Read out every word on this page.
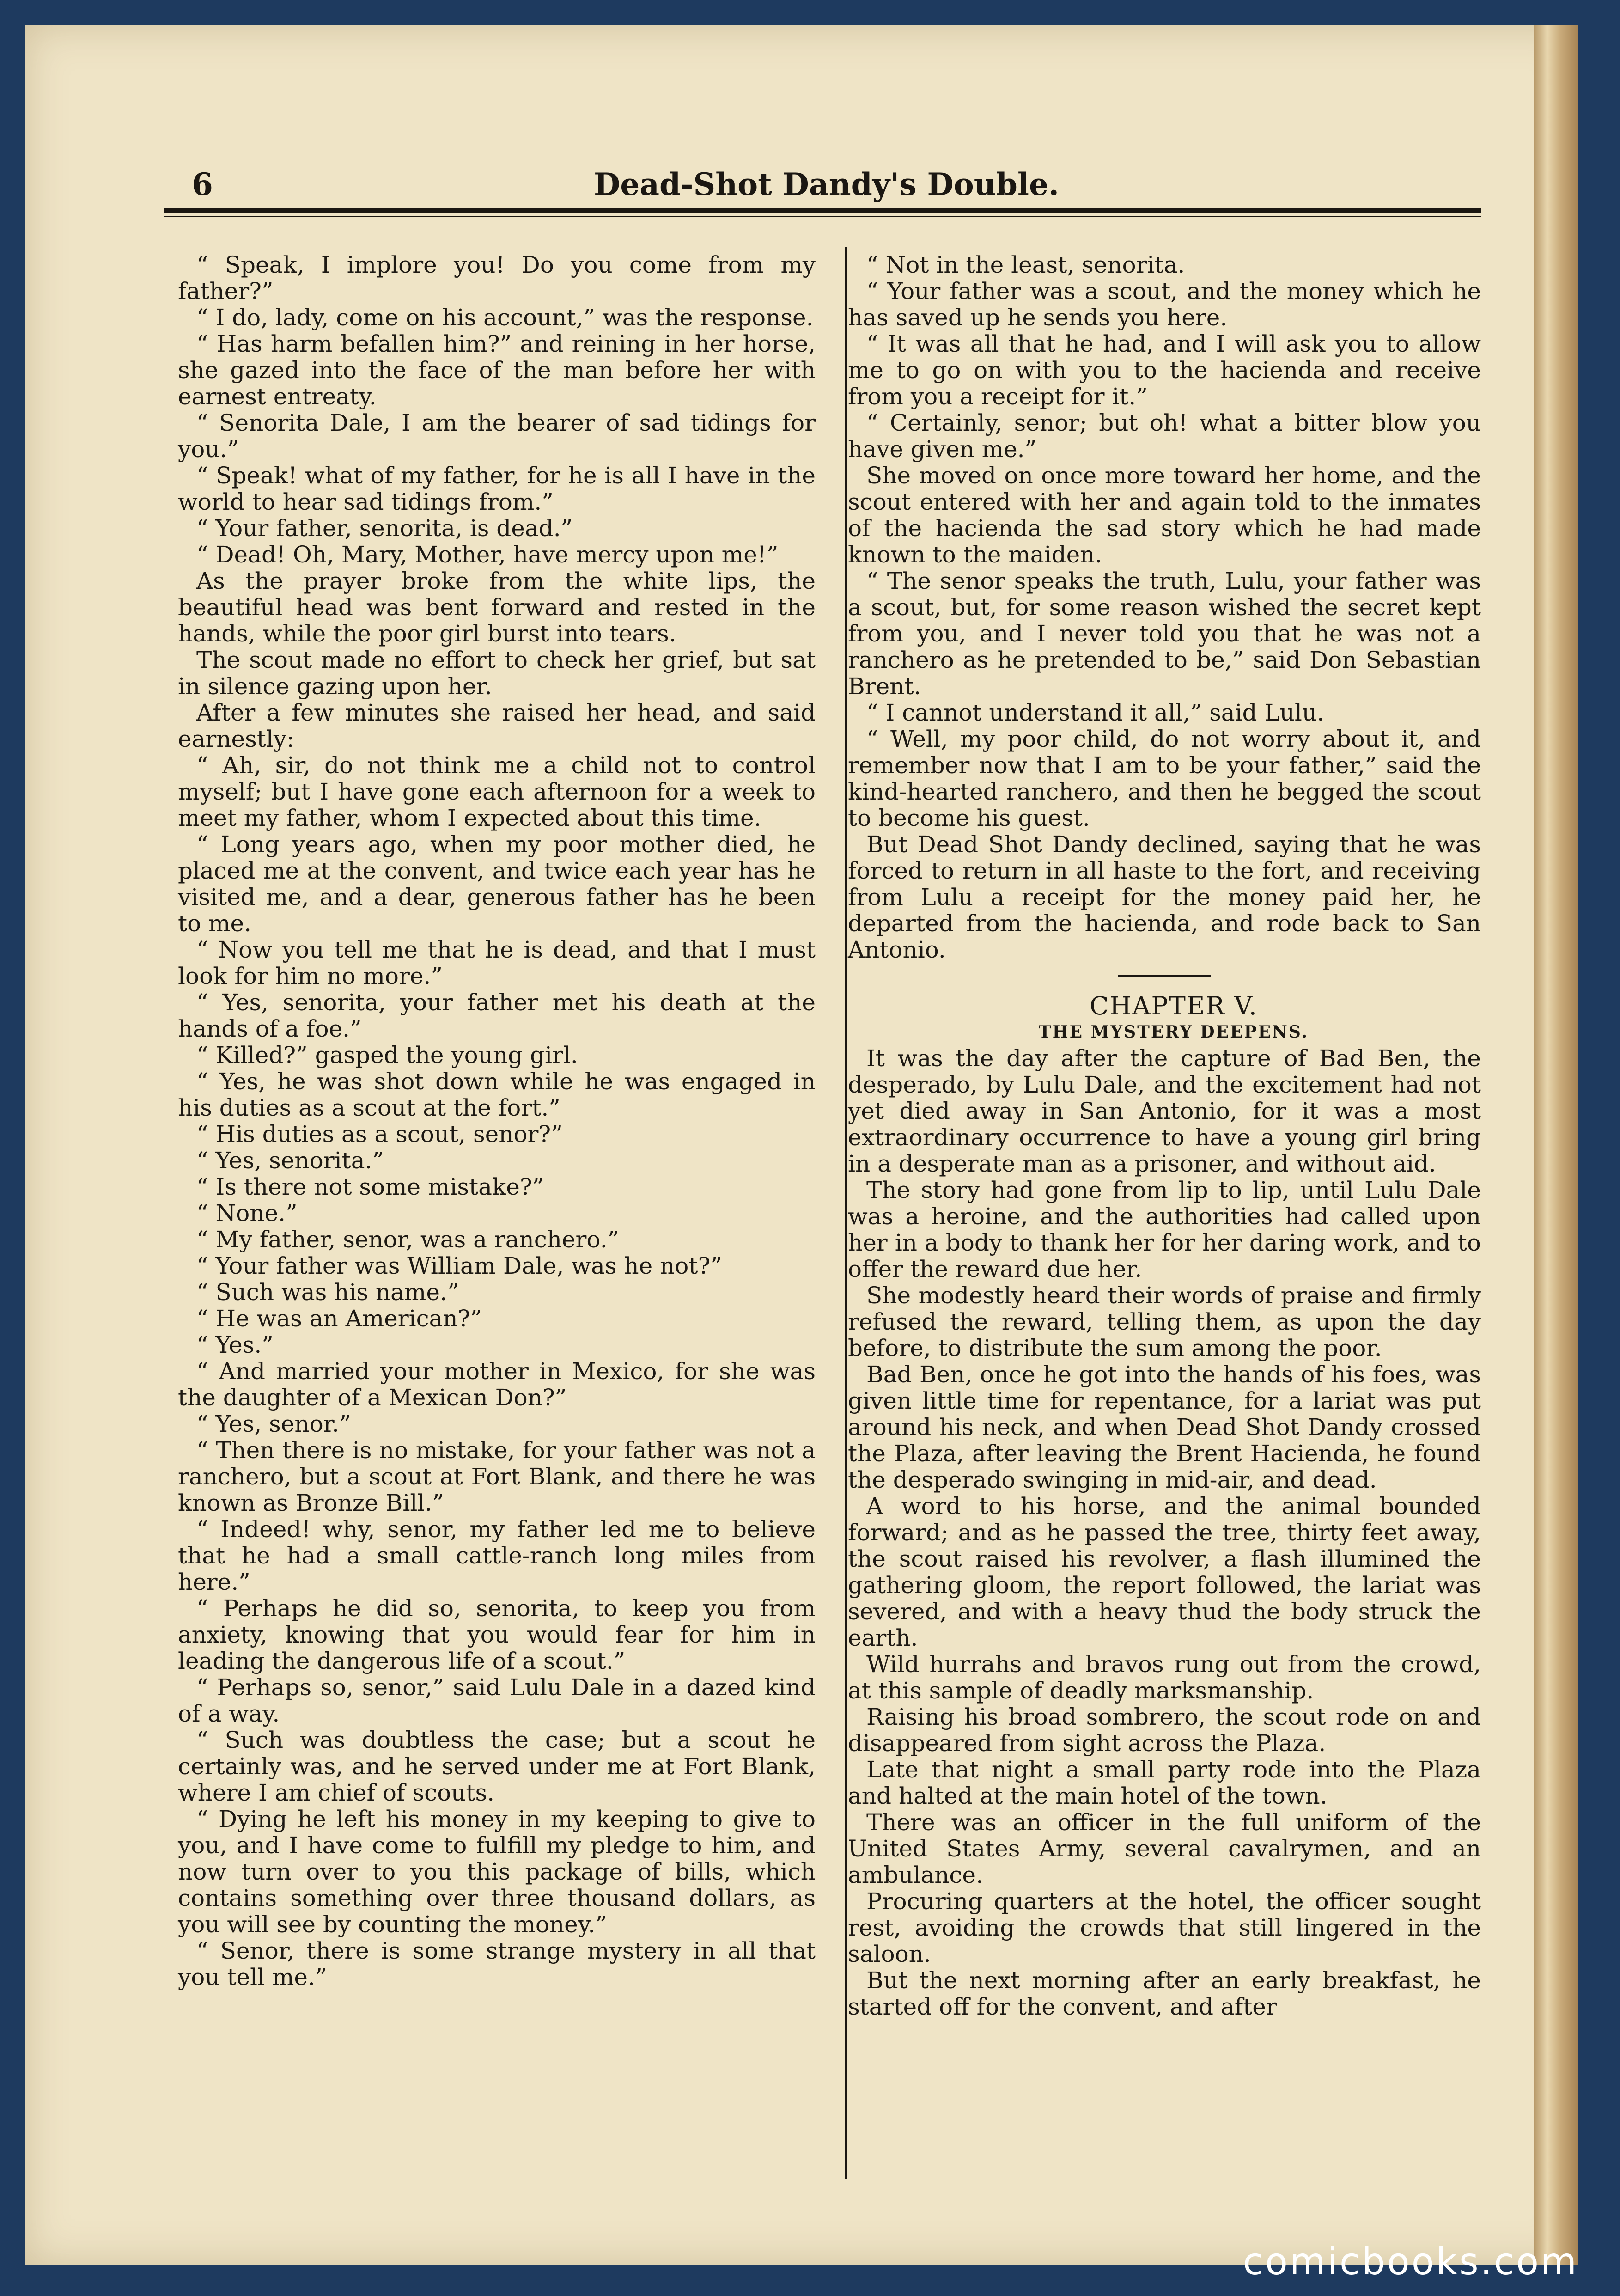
6	Dead-Shot Dandy's Double.

“ Speak, I implore you! Do you come from my father?”

“ I do, lady, come on his account,” was the response.

“ Has harm befallen him?” and reining in her horse, she gazed into the face of the man before her with earnest entreaty.

“ Senorita Dale, I am the bearer of sad tidings for you.”

“ Speak! what of my father, for he is all I have in the world to hear sad tidings from.”

“ Your father, senorita, is dead.”

“ Dead! Oh, Mary, Mother, have mercy upon me!”

As the prayer broke from the white lips, the beautiful head was bent forward and rested in the hands, while the poor girl burst into tears.

The scout made no effort to check her grief, but sat in silence gazing upon her.

After a few minutes she raised her head, and said earnestly:

“ Ah, sir, do not think me a child not to control myself; but I have gone each afternoon for a week to meet my father, whom I expected about this time.

“ Long years ago, when my poor mother died, he placed me at the convent, and twice each year has he visited me, and a dear, generous father has he been to me.

“ Now you tell me that he is dead, and that I must look for him no more.”

“ Yes, senorita, your father met his death at the hands of a foe.”

“ Killed?” gasped the young girl.

“ Yes, he was shot down while he was engaged in his duties as a scout at the fort.”

“ His duties as a scout, senor?”

“ Yes, senorita.”

“ Is there not some mistake?”

“ None.”

“ My father, senor, was a ranchero.”

“ Your father was William Dale, was he not?”

“ Such was his name.”

“ He was an American?”

“ Yes.”

“ And married your mother in Mexico, for she was the daughter of a Mexican Don?”

“ Yes, senor.”

“ Then there is no mistake, for your father was not a ranchero, but a scout at Fort Blank, and there he was known as Bronze Bill.”

“ Indeed! why, senor, my father led me to believe that he had a small cattle-ranch long miles from here.”

“ Perhaps he did so, senorita, to keep you from anxiety, knowing that you would fear for him in leading the dangerous life of a scout.”

“ Perhaps so, senor,” said Lulu Dale in a dazed kind of a way.

“ Such was doubtless the case; but a scout he certainly was, and he served under me at Fort Blank, where I am chief of scouts.

“ Dying he left his money in my keeping to give to you, and I have come to fulfill my pledge to him, and now turn over to you this package of bills, which contains something over three thousand dollars, as you will see by counting the money.”

“ Senor, there is some strange mystery in all that you tell me.”

“ Not in the least, senorita.

“ Your father was a scout, and the money which he has saved up he sends you here.

“ It was all that he had, and I will ask you to allow me to go on with you to the hacienda and receive from you a receipt for it.”

“ Certainly, senor; but oh! what a bitter blow you have given me.”

She moved on once more toward her home, and the scout entered with her and again told to the inmates of the hacienda the sad story which he had made known to the maiden.

“ The senor speaks the truth, Lulu, your father was a scout, but, for some reason wished the secret kept from you, and I never told you that he was not a ranchero as he pretended to be,” said Don Sebastian Brent.

“ I cannot understand it all,” said Lulu.

“ Well, my poor child, do not worry about it, and remember now that I am to be your father,” said the kind-hearted ranchero, and then he begged the scout to become his guest.

But Dead Shot Dandy declined, saying that he was forced to return in all haste to the fort, and receiving from Lulu a receipt for the money paid her, he departed from the hacienda, and rode back to San Antonio.

CHAPTER V.

THE MYSTERY DEEPENS.

It was the day after the capture of Bad Ben, the desperado, by Lulu Dale, and the excitement had not yet died away in San Antonio, for it was a most extraordinary occurrence to have a young girl bring in a desperate man as a prisoner, and without aid.

The story had gone from lip to lip, until Lulu Dale was a heroine, and the authorities had called upon her in a body to thank her for her daring work, and to offer the reward due her.

She modestly heard their words of praise and firmly refused the reward, telling them, as upon the day before, to distribute the sum among the poor.

Bad Ben, once he got into the hands of his foes, was given little time for repentance, for a lariat was put around his neck, and when Dead Shot Dandy crossed the Plaza, after leaving the Brent Hacienda, he found the desperado swinging in mid-air, and dead.

A word to his horse, and the animal bounded forward; and as he passed the tree, thirty feet away, the scout raised his revolver, a flash illumined the gathering gloom, the report followed, the lariat was severed, and with a heavy thud the body struck the earth.

Wild hurrahs and bravos rung out from the crowd, at this sample of deadly marksmanship.

Raising his broad sombrero, the scout rode on and disappeared from sight across the Plaza.

Late that night a small party rode into the Plaza and halted at the main hotel of the town.

There was an officer in the full uniform of the United States Army, several cavalrymen, and an ambulance.

Procuring quarters at the hotel, the officer sought rest, avoiding the crowds that still lingered in the saloon.

But the next morning after an early breakfast, he started off for the convent, and after

comicbooks.com
